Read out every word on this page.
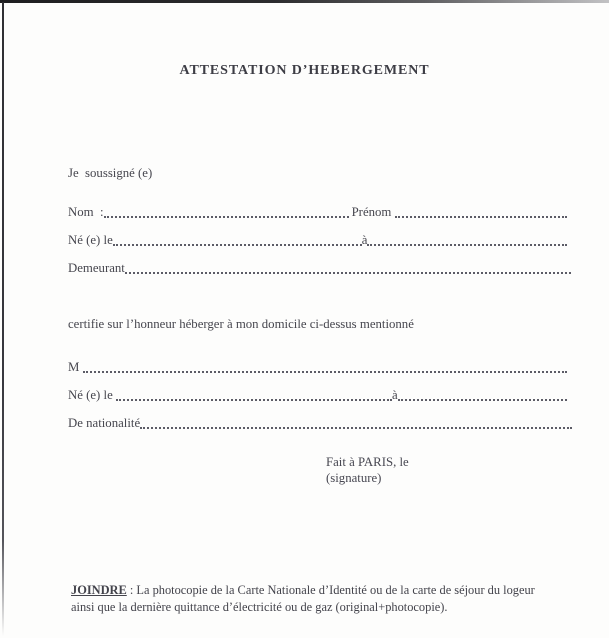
ATTESTATION D’HEBERGEMENT
Je  soussigné (e)
Nom  :	Prénom
Né (e) le	à
Demeurant
certifie sur l’honneur héberger à mon domicile ci-dessus mentionné
M
Né (e) le	à
De nationalité
Fait à PARIS, le
(signature)
JOINDRE : La photocopie de la Carte Nationale d’Identité ou de la carte de séjour du logeur
ainsi que la dernière quittance d’électricité ou de gaz (original+photocopie).
